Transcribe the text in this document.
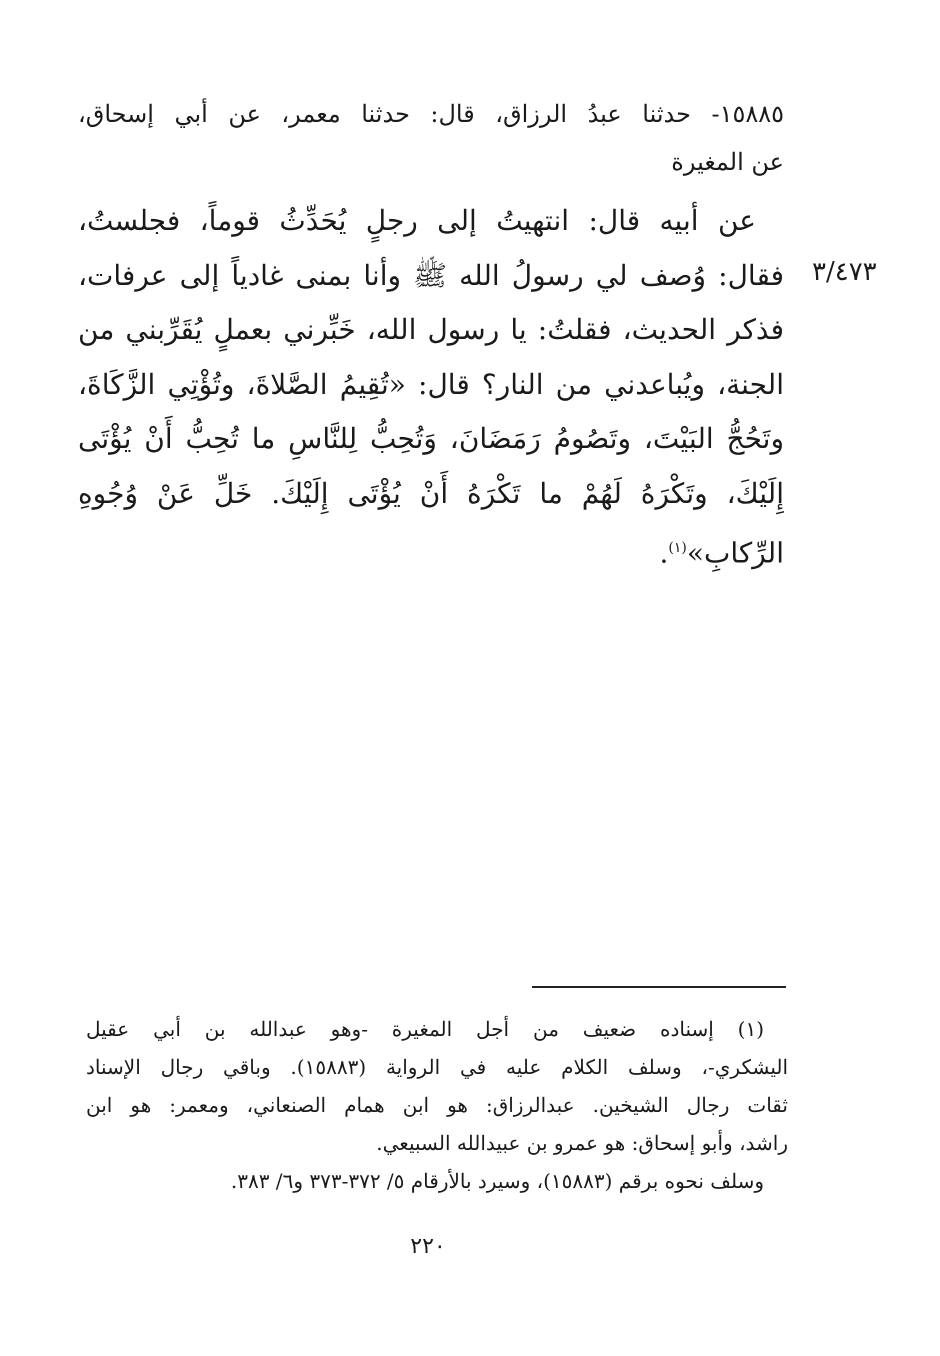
١٥٨٨٥- حدثنا عبدُ الرزاق، قال: حدثنا معمر، عن أبي إسحاق،
عن المغيرة
٣/٤٧٣
عن أبيه قال: انتهيتُ إلى رجلٍ يُحَدِّثُ قوماً، فجلستُ،
فقال: وُصف لي رسولُ الله ﷺ وأنا بمنى غادياً إلى عرفات،
فذكر الحديث، فقلتُ: يا رسول الله، خَبِّرني بعملٍ يُقَرِّبني من
الجنة، ويُباعدني من النار؟ قال: «تُقِيمُ الصَّلاةَ، وتُؤْتِي الزَّكَاةَ،
وتَحُجُّ البَيْتَ، وتَصُومُ رَمَضَانَ، وَتُحِبُّ لِلنَّاسِ ما تُحِبُّ أَنْ يُؤْتَى
إِلَيْكَ، وتَكْرَهُ لَهُمْ ما تَكْرَهُ أَنْ يُؤْتَى إِلَيْكَ. خَلِّ عَنْ وُجُوهِ
الرِّكابِ»$^{(١)}$.
(١) إسناده ضعيف من أجل المغيرة -وهو عبدالله بن أبي عقيل
اليشكري-، وسلف الكلام عليه في الرواية (١٥٨٨٣). وباقي رجال الإسناد
ثقات رجال الشيخين. عبدالرزاق: هو ابن همام الصنعاني، ومعمر: هو ابن
راشد، وأبو إسحاق: هو عمرو بن عبيدالله السبيعي.
وسلف نحوه برقم (١٥٨٨٣)، وسيرد بالأرقام ٥/ ٣٧٢-٣٧٣ و٦/ ٣٨٣.
٢٢٠
